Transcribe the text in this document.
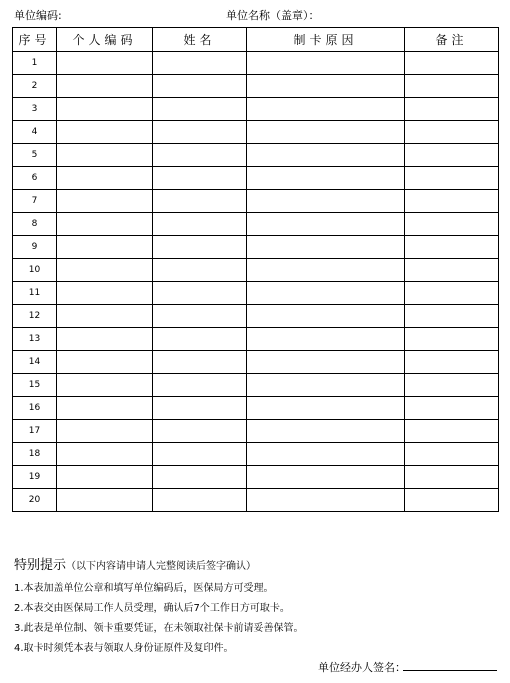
单位编码:	单位名称（盖章）：
序号	个人编码	姓名	制卡原因	备注
1				
2				
3				
4				
5				
6				
7				
8				
9				
10				
11				
12				
13				
14				
15				
16				
17				
18				
19				
20				
特别提示（以下内容请申请人完整阅读后签字确认）
1.本表加盖单位公章和填写单位编码后，医保局方可受理。
2.本表交由医保局工作人员受理，确认后7个工作日方可取卡。
3.此表是单位制、领卡重要凭证，在未领取社保卡前请妥善保管。
4.取卡时须凭本表与领取人身份证原件及复印件。
单位经办人签名：
